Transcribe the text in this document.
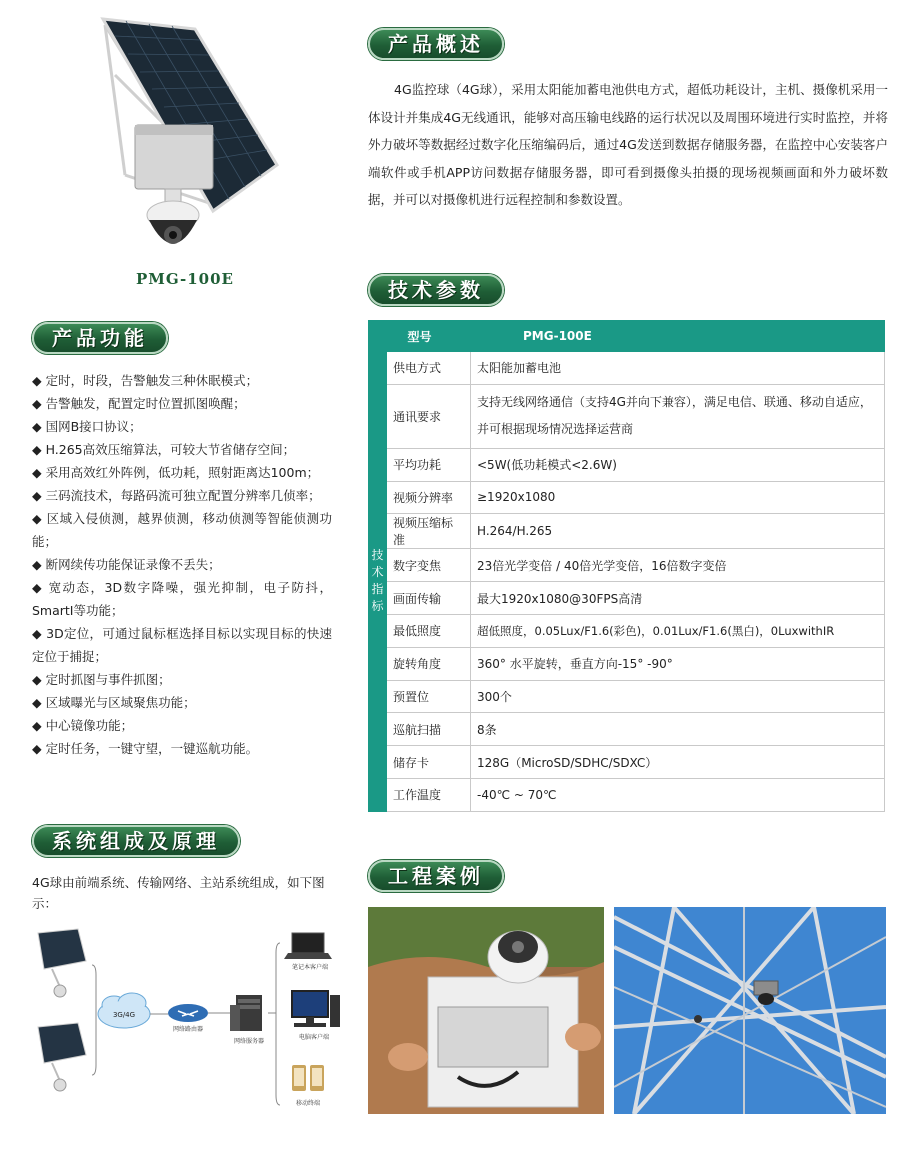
PMG-100E
产品概述
产品功能
技术参数
系统组成及原理
工程案例

4G监控球（4G球），采用太阳能加蓄电池供电方式，超低功耗设计，主机、摄像机采用一体设计并集成4G无线通讯，能够对高压输电线路的运行状况以及周围环境进行实时监控，并将外力破坏等数据经过数字化压缩编码后，通过4G发送到数据存储服务器，在监控中心安装客户端软件或手机APP访问数据存储服务器，即可看到摄像头拍摄的现场视频画面和外力破坏数据，并可以对摄像机进行远程控制和参数设置。

◆ 定时，时段，告警触发三种休眠模式；
◆ 告警触发，配置定时位置抓图唤醒；
◆ 国网B接口协议；
◆ H.265高效压缩算法，可较大节省储存空间；
◆ 采用高效红外阵例，低功耗，照射距离达100m；
◆ 三码流技术，每路码流可独立配置分辨率几侦率；
◆ 区域入侵侦测，越界侦测，移动侦测等智能侦测功能；
◆ 断网续传功能保证录像不丢失；
◆ 宽动态，3D数字降噪，强光抑制，电子防抖，SmartI等功能；
◆ 3D定位，可通过鼠标框选择目标以实现目标的快速定位于捕捉；
◆ 定时抓图与事件抓图；
◆ 区域曝光与区域聚焦功能；
◆ 中心镜像功能；
◆ 定时任务，一键守望，一键巡航功能。
型号		PMG-100E
技术指标	供电方式	太阳能加蓄电池
	通讯要求	支持无线网络通信（支持4G并向下兼容），满足电信、联通、移动自适应，并可根据现场情况选择运营商
	平均功耗	<5W(低功耗模式<2.6W)
	视频分辨率	≥1920x1080
	视频压缩标准	H.264/H.265
	数字变焦	23倍光学变倍 / 40倍光学变倍，16倍数字变倍
	画面传输	最大1920x1080@30FPS高清
	最低照度	超低照度，0.05Lux/F1.6(彩色)，0.01Lux/F1.6(黑白)，0LuxwithIR
	旋转角度	360° 水平旋转，垂直方向-15° -90°
	预置位	300个
	巡航扫描	8条
	储存卡	128G（MicroSD/SDHC/SDXC）
	工作温度	-40℃ ~ 70℃

4G球由前端系统、传输网络、主站系统组成，如下图示：

3G/4G
网络路由器
网络服务器
笔记本客户端
电脑客户端
移动终端
